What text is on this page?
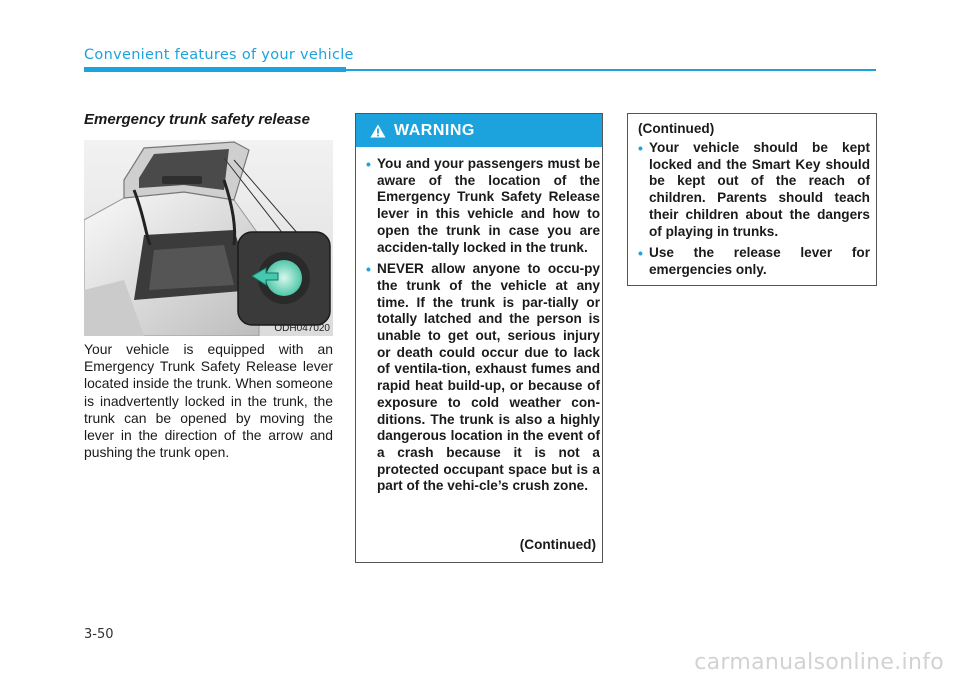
Convenient features of your vehicle
Emergency trunk safety release
ODH047020
Your vehicle is equipped with an Emergency Trunk Safety Release lever located inside the trunk. When someone is inadvertently locked in the trunk, the trunk can be opened by moving the lever in the direction of the arrow and pushing the trunk open.
WARNING
• You and your passengers must be aware of the location of the Emergency Trunk Safety Release lever in this vehicle and how to open the trunk in case you are acciden-tally locked in the trunk.
• NEVER allow anyone to occu-py the trunk of the vehicle at any time. If the trunk is par-tially or totally latched and the person is unable to get out, serious injury or death could occur due to lack of ventila-tion, exhaust fumes and rapid heat build-up, or because of exposure to cold weather con-ditions. The trunk is also a highly dangerous location in the event of a crash because it is not a protected occupant space but is a part of the vehi-cle’s crush zone.
(Continued)
(Continued)
• Your vehicle should be kept locked and the Smart Key should be kept out of the reach of children. Parents should teach their children about the dangers of playing in trunks.
• Use the release lever for emergencies only.
3-50
carmanualsonline.info
